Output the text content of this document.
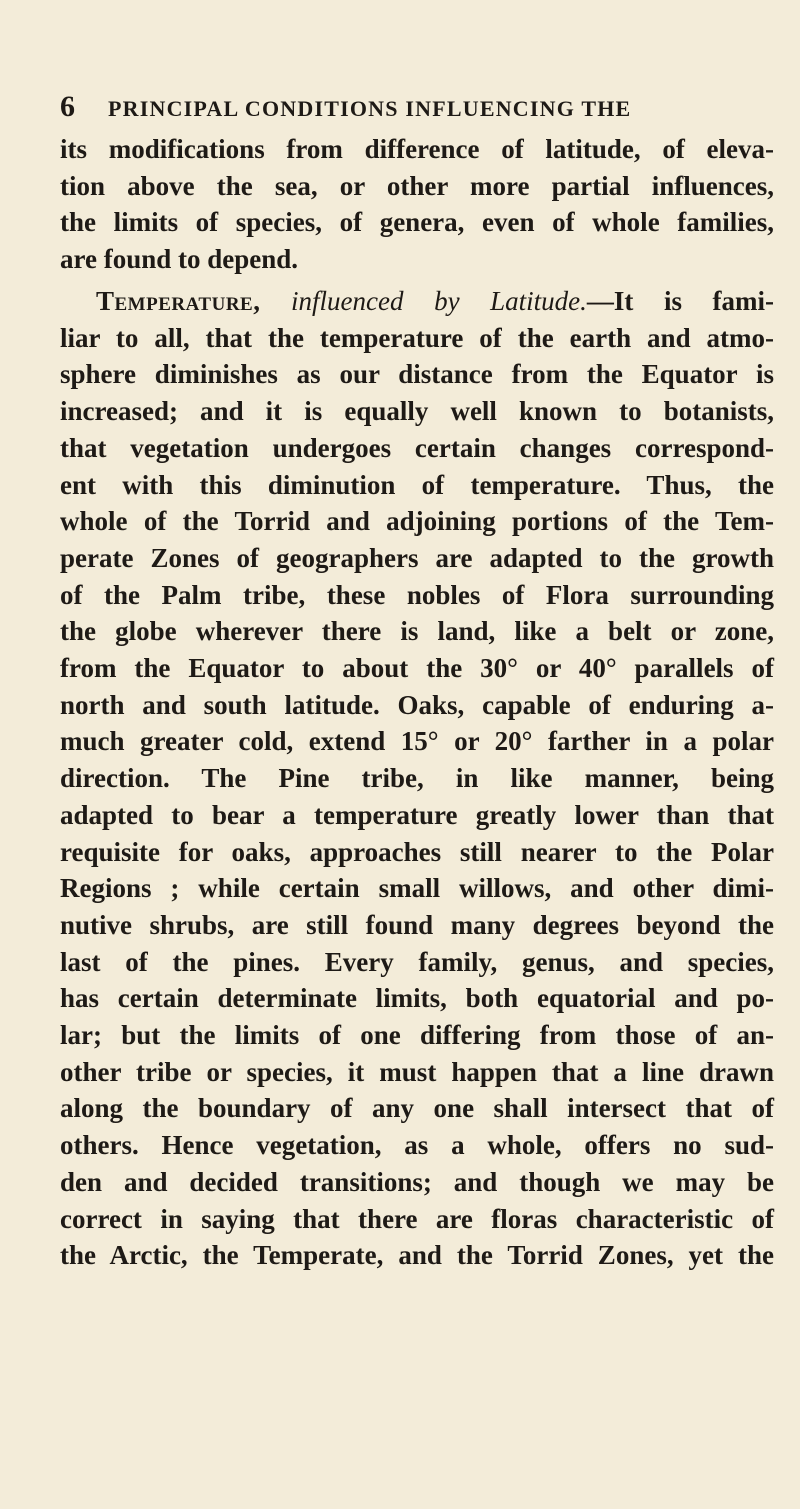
6 PRINCIPAL CONDITIONS INFLUENCING THE

its modifications from difference of latitude, of eleva-
tion above the sea, or other more partial influences,
the limits of species, of genera, even of whole families,
are found to depend.

Temperature, influenced by Latitude.—It is fami-
liar to all, that the temperature of the earth and atmo-
sphere diminishes as our distance from the Equator is
increased; and it is equally well known to botanists,
that vegetation undergoes certain changes correspond-
ent with this diminution of temperature. Thus, the
whole of the Torrid and adjoining portions of the Tem-
perate Zones of geographers are adapted to the growth
of the Palm tribe, these nobles of Flora surrounding
the globe wherever there is land, like a belt or zone,
from the Equator to about the 30° or 40° parallels of
north and south latitude. Oaks, capable of enduring a-
much greater cold, extend 15° or 20° farther in a polar
direction. The Pine tribe, in like manner, being
adapted to bear a temperature greatly lower than that
requisite for oaks, approaches still nearer to the Polar
Regions ; while certain small willows, and other dimi-
nutive shrubs, are still found many degrees beyond the
last of the pines. Every family, genus, and species,
has certain determinate limits, both equatorial and po-
lar; but the limits of one differing from those of an-
other tribe or species, it must happen that a line drawn
along the boundary of any one shall intersect that of
others. Hence vegetation, as a whole, offers no sud-
den and decided transitions; and though we may be
correct in saying that there are floras characteristic of
the Arctic, the Temperate, and the Torrid Zones, yet the
